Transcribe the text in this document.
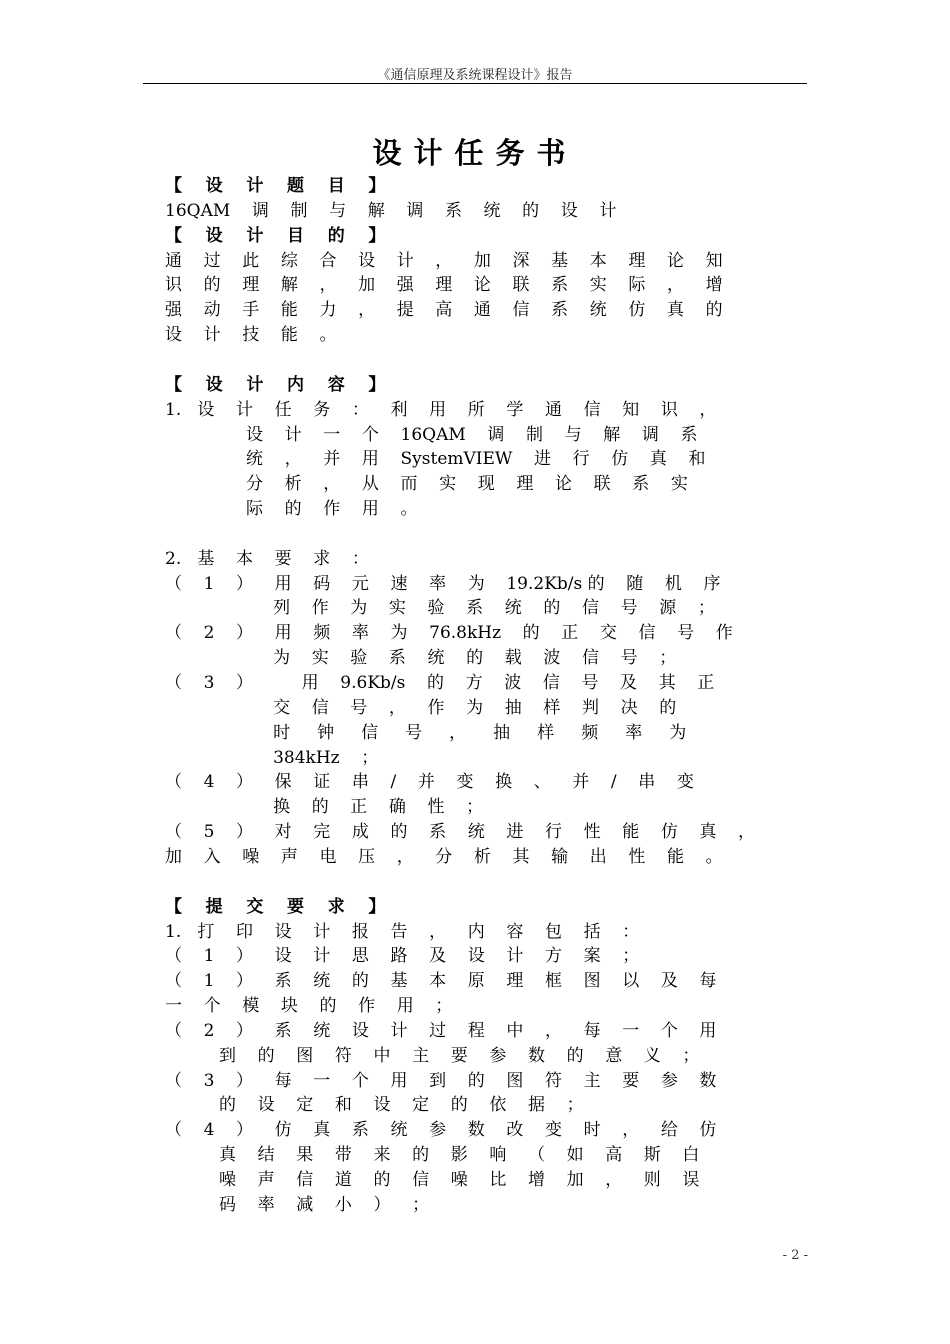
《通信原理及系统课程设计》报告
设计任务书
【    设    计    题    目    】
16QAM    调    制    与    解    调    系    统    的    设    计
【    设    计    目    的    】
通    过    此    综    合    设    计    ，    加    深    基    本    理    论    知
识    的    理    解    ，    加    强    理    论    联    系    实    际    ，    增
强    动    手    能    力    ，    提    高    通    信    系    统    仿    真    的
设    计    技    能    。
【    设    计    内    容    】
1.   设    计    任    务    ：    利    用    所    学    通    信    知    识    ，
设    计    一    个    16QAM    调    制    与    解    调    系
统    ，    并    用    SystemVIEW    进    行    仿    真    和
分    析    ，    从    而    实    现    理    论    联    系    实
际    的    作    用    。
2.   基    本    要    求    ：
（    1    ）    用    码    元    速    率    为    19.2Kb/s 的    随    机    序
列    作    为    实    验    系    统    的    信    号    源    ；
（    2    ）    用    频    率    为    76.8kHz    的    正    交    信    号    作
为    实    验    系    统    的    载    波    信    号    ；
（    3    ）         用    9.6Kb/s    的    方    波    信    号    及    其    正
交    信    号    ，    作    为    抽    样    判    决    的
时     钟     信     号     ，     抽     样     频     率     为
384kHz    ；
（    4    ）    保    证    串    /    并    变    换    、    并    /    串    变
换    的    正    确    性    ；
（    5    ）    对    完    成    的    系    统    进    行    性    能    仿    真    ，
加    入    噪    声    电    压    ，    分    析    其    输    出    性    能    。
【    提    交    要    求    】
1.   打    印    设    计    报    告    ，    内    容    包    括    ：
（    1    ）    设    计    思    路    及    设    计    方    案    ；
（    1    ）    系    统    的    基    本    原    理    框    图    以    及    每
一    个    模    块    的    作    用    ；
（    2    ）    系    统    设    计    过    程    中    ，    每    一    个    用
到    的    图    符    中    主    要    参    数    的    意    义    ；
（    3    ）    每    一    个    用    到    的    图    符    主    要    参    数
的    设    定    和    设    定    的    依    据    ；
（    4    ）    仿    真    系    统    参    数    改    变    时    ，    给    仿
真    结    果    带    来    的    影    响    （    如    高    斯    白
噪    声    信    道    的    信    噪    比    增    加    ，    则    误
码    率    减    小    ）    ；
- 2 -
